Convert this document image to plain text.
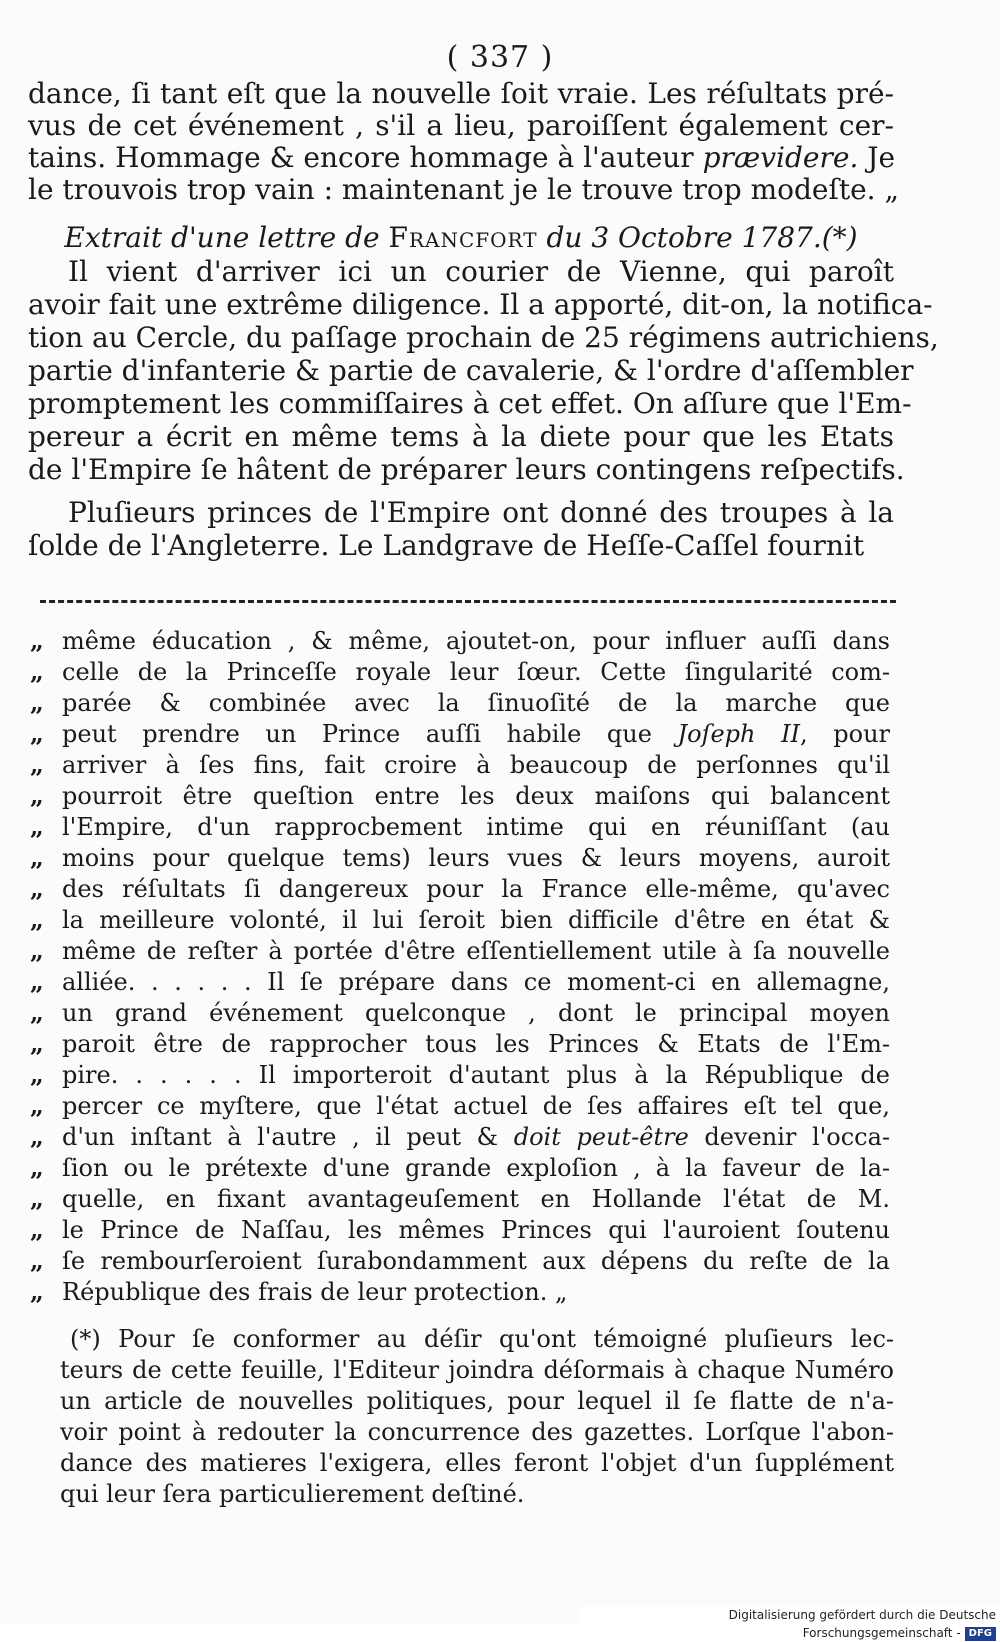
( 337 )
dance, ſi tant eſt que la nouvelle ſoit vraie. Les réſultats pré-
vus de cet événement , s'il a lieu, paroiſſent également cer-
tains. Hommage & encore hommage à l'auteur prævidere. Je
le trouvois trop vain : maintenant je le trouve trop modeſte. „
Extrait d'une lettre de Francfort du 3 Octobre 1787.(*)
Il vient d'arriver ici un courier de Vienne, qui paroît
avoir fait une extrême diligence. Il a apporté, dit-on, la notifica-
tion au Cercle, du paſſage prochain de 25 régimens autrichiens,
partie d'infanterie & partie de cavalerie, & l'ordre d'aſſembler
promptement les commiſſaires à cet effet. On aſſure que l'Em-
pereur a écrit en même tems à la diete pour que les Etats
de l'Empire ſe hâtent de préparer leurs contingens reſpectifs.
Pluſieurs princes de l'Empire ont donné des troupes à la
ſolde de l'Angleterre. Le Landgrave de Heſſe-Caſſel fournit
„ même éducation , & même, ajoutet-on, pour influer auſſi dans
„ celle de la Princeſſe royale leur ſœur. Cette ſingularité com-
„ parée & combinée avec la ſinuoſité de la marche que
„ peut prendre un Prince auſſi habile que Joſeph II, pour
„ arriver à ſes fins, fait croire à beaucoup de perſonnes qu'il
„ pourroit être queſtion entre les deux maiſons qui balancent
„ l'Empire, d'un rapprocbement intime qui en réuniſſant (au
„ moins pour quelque tems) leurs vues & leurs moyens, auroit
„ des réſultats ſi dangereux pour la France elle-même, qu'avec
„ la meilleure volonté, il lui ſeroit bien difficile d'être en état &
„ même de reſter à portée d'être eſſentiellement utile à ſa nouvelle
„ alliée. . . . . . Il ſe prépare dans ce moment-ci en allemagne,
„ un grand événement quelconque , dont le principal moyen
„ paroit être de rapprocher tous les Princes & Etats de l'Em-
„ pire. . . . . . Il importeroit d'autant plus à la République de
„ percer ce myſtere, que l'état actuel de ſes affaires eſt tel que,
„ d'un inſtant à l'autre , il peut & doit peut-être devenir l'occa-
„ ſion ou le prétexte d'une grande exploſion , à la faveur de la-
„ quelle, en fixant avantageuſement en Hollande l'état de M.
„ le Prince de Naſſau, les mêmes Princes qui l'auroient ſoutenu
„ ſe rembourſeroient ſurabondamment aux dépens du reſte de la
„ République des frais de leur protection. „
(*) Pour ſe conformer au déſir qu'ont témoigné pluſieurs lec-
teurs de cette feuille, l'Editeur joindra déſormais à chaque Numéro
un article de nouvelles politiques, pour lequel il ſe flatte de n'a-
voir point à redouter la concurrence des gazettes. Lorſque l'abon-
dance des matieres l'exigera, elles feront l'objet d'un ſupplément
qui leur ſera particulierement deſtiné.
Digitalisierung gefördert durch die Deutsche Forschungsgemeinschaft - DFG
